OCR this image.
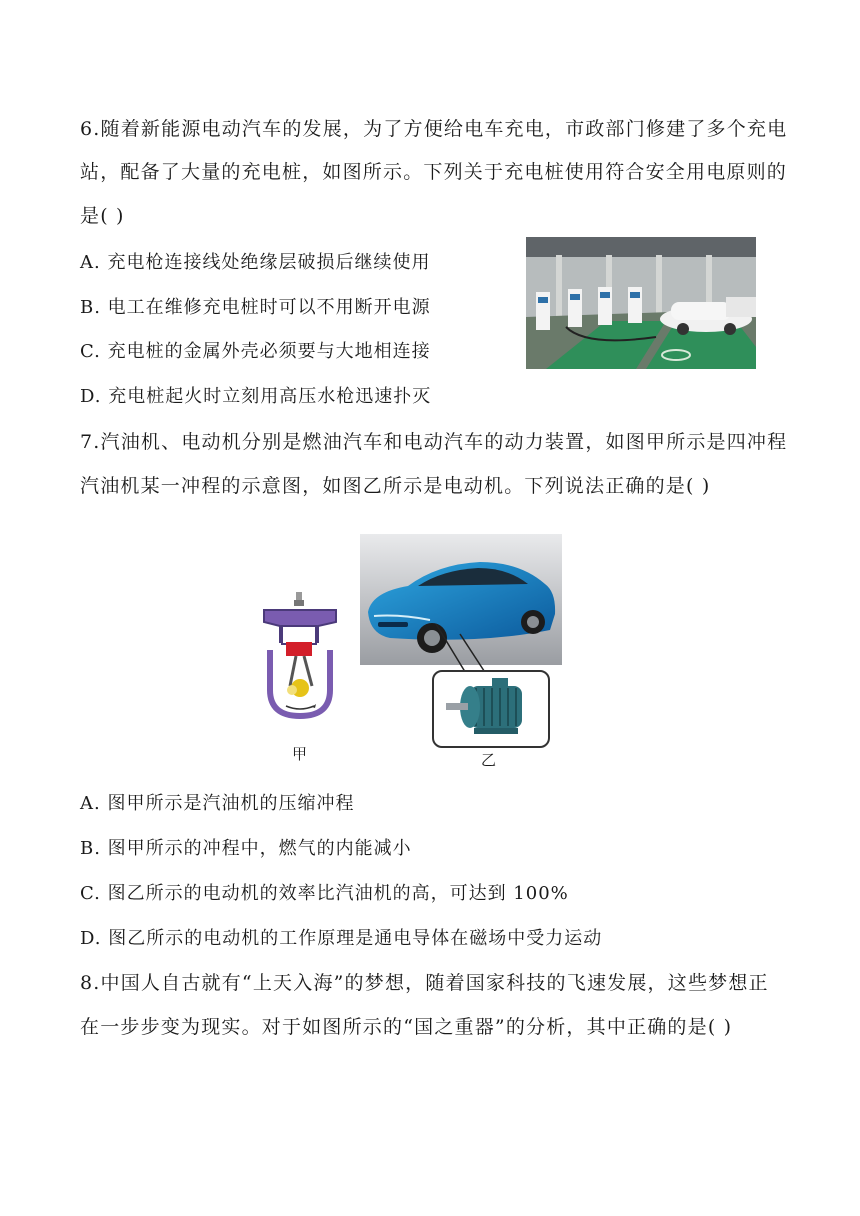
6.随着新能源电动汽车的发展，为了方便给电车充电，市政部门修建了多个充电
站，配备了大量的充电桩，如图所示。下列关于充电桩使用符合安全用电原则的
是( )
A. 充电枪连接线处绝缘层破损后继续使用
B. 电工在维修充电桩时可以不用断开电源
C. 充电桩的金属外壳必须要与大地相连接
D. 充电桩起火时立刻用高压水枪迅速扑灭
7.汽油机、电动机分别是燃油汽车和电动汽车的动力装置，如图甲所示是四冲程
汽油机某一冲程的示意图，如图乙所示是电动机。下列说法正确的是( )
甲	乙
A. 图甲所示是汽油机的压缩冲程
B. 图甲所示的冲程中，燃气的内能减小
C. 图乙所示的电动机的效率比汽油机的高，可达到 100%
D. 图乙所示的电动机的工作原理是通电导体在磁场中受力运动
8.中国人自古就有“上天入海”的梦想，随着国家科技的飞速发展，这些梦想正
在一步步变为现实。对于如图所示的“国之重器”的分析，其中正确的是( )
